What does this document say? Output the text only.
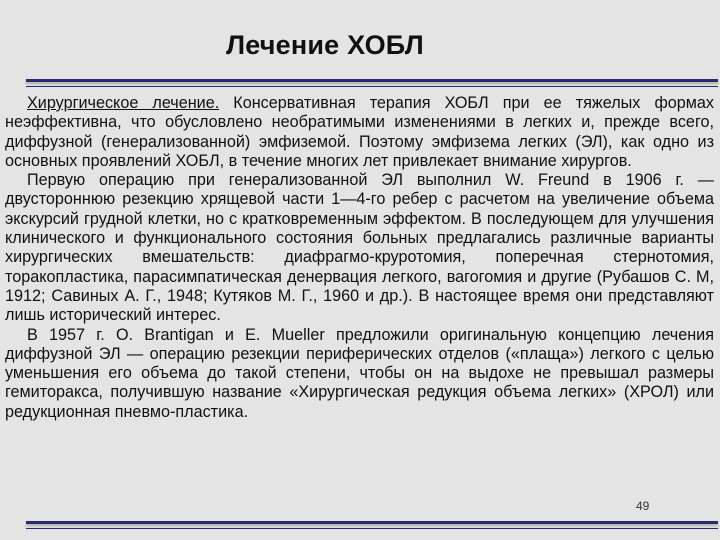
Лечение ХОБЛ

Хирургическое лечение. Консервативная терапия ХОБЛ при ее тяжелых формах неэффективна, что обусловлено необратимыми изменениями в легких и, прежде всего, диффузной (генерализованной) эмфиземой. Поэтому эмфизема легких (ЭЛ), как одно из основных проявлений ХОБЛ, в течение многих лет привлекает внимание хирургов.

Первую операцию при генерализованной ЭЛ выполнил W. Freund в 1906 г. — двустороннюю резекцию хрящевой части 1—4-го ребер с расчетом на увеличение объема экскурсий грудной клетки, но с кратковременным эффектом. В последующем для улучшения клинического и функционального состояния больных предлагались различные варианты хирургических вмешательств: диафрагмо-круротомия, поперечная стернотомия, торакопластика, парасимпатическая денервация легкого, вагогомия и другие (Рубашов С. М, 1912; Савиных А. Г., 1948; Кутяков М. Г., 1960 и др.). В настоящее время они представляют лишь исторический интерес.

В 1957 г. О. Brantigan и Е. Mueller предложили оригинальную концепцию лечения диффузной ЭЛ — операцию резекции периферических отделов («плаща») легкого с целью уменьшения его объема до такой степени, чтобы он на выдохе не превышал размеры гемиторакса, получившую название «Хирургическая редукция объема легких» (ХРОЛ) или редукционная пневмо-пластика.

49
